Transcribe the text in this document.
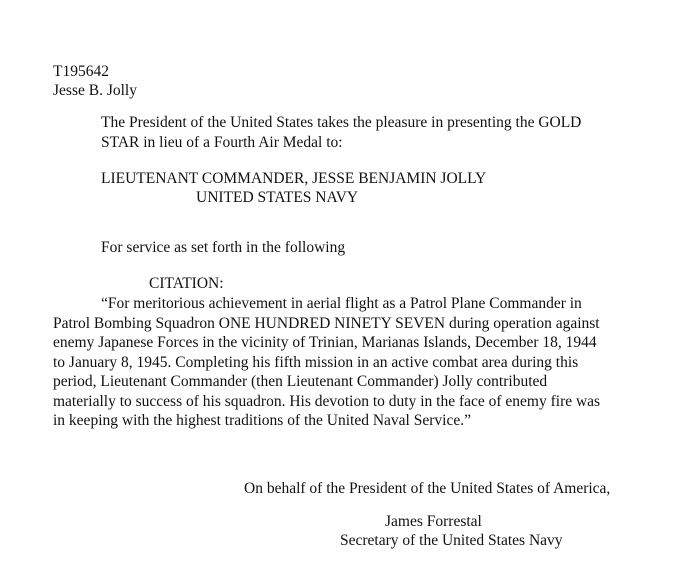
T195642

Jesse B. Jolly

The President of the United States takes the pleasure in presenting the GOLD
STAR in lieu of a Fourth Air Medal to:

LIEUTENANT COMMANDER, JESSE BENJAMIN JOLLY

UNITED STATES NAVY

For service as set forth in the following

CITATION:

“For meritorious achievement in aerial flight as a Patrol Plane Commander in
Patrol Bombing Squadron ONE HUNDRED NINETY SEVEN during operation against
enemy Japanese Forces in the vicinity of Trinian, Marianas Islands, December 18, 1944
to January 8, 1945. Completing his fifth mission in an active combat area during this
period, Lieutenant Commander (then Lieutenant Commander) Jolly contributed
materially to success of his squadron. His devotion to duty in the face of enemy fire was
in keeping with the highest traditions of the United Naval Service.”

On behalf of the President of the United States of America,

James Forrestal

Secretary of the United States Navy
